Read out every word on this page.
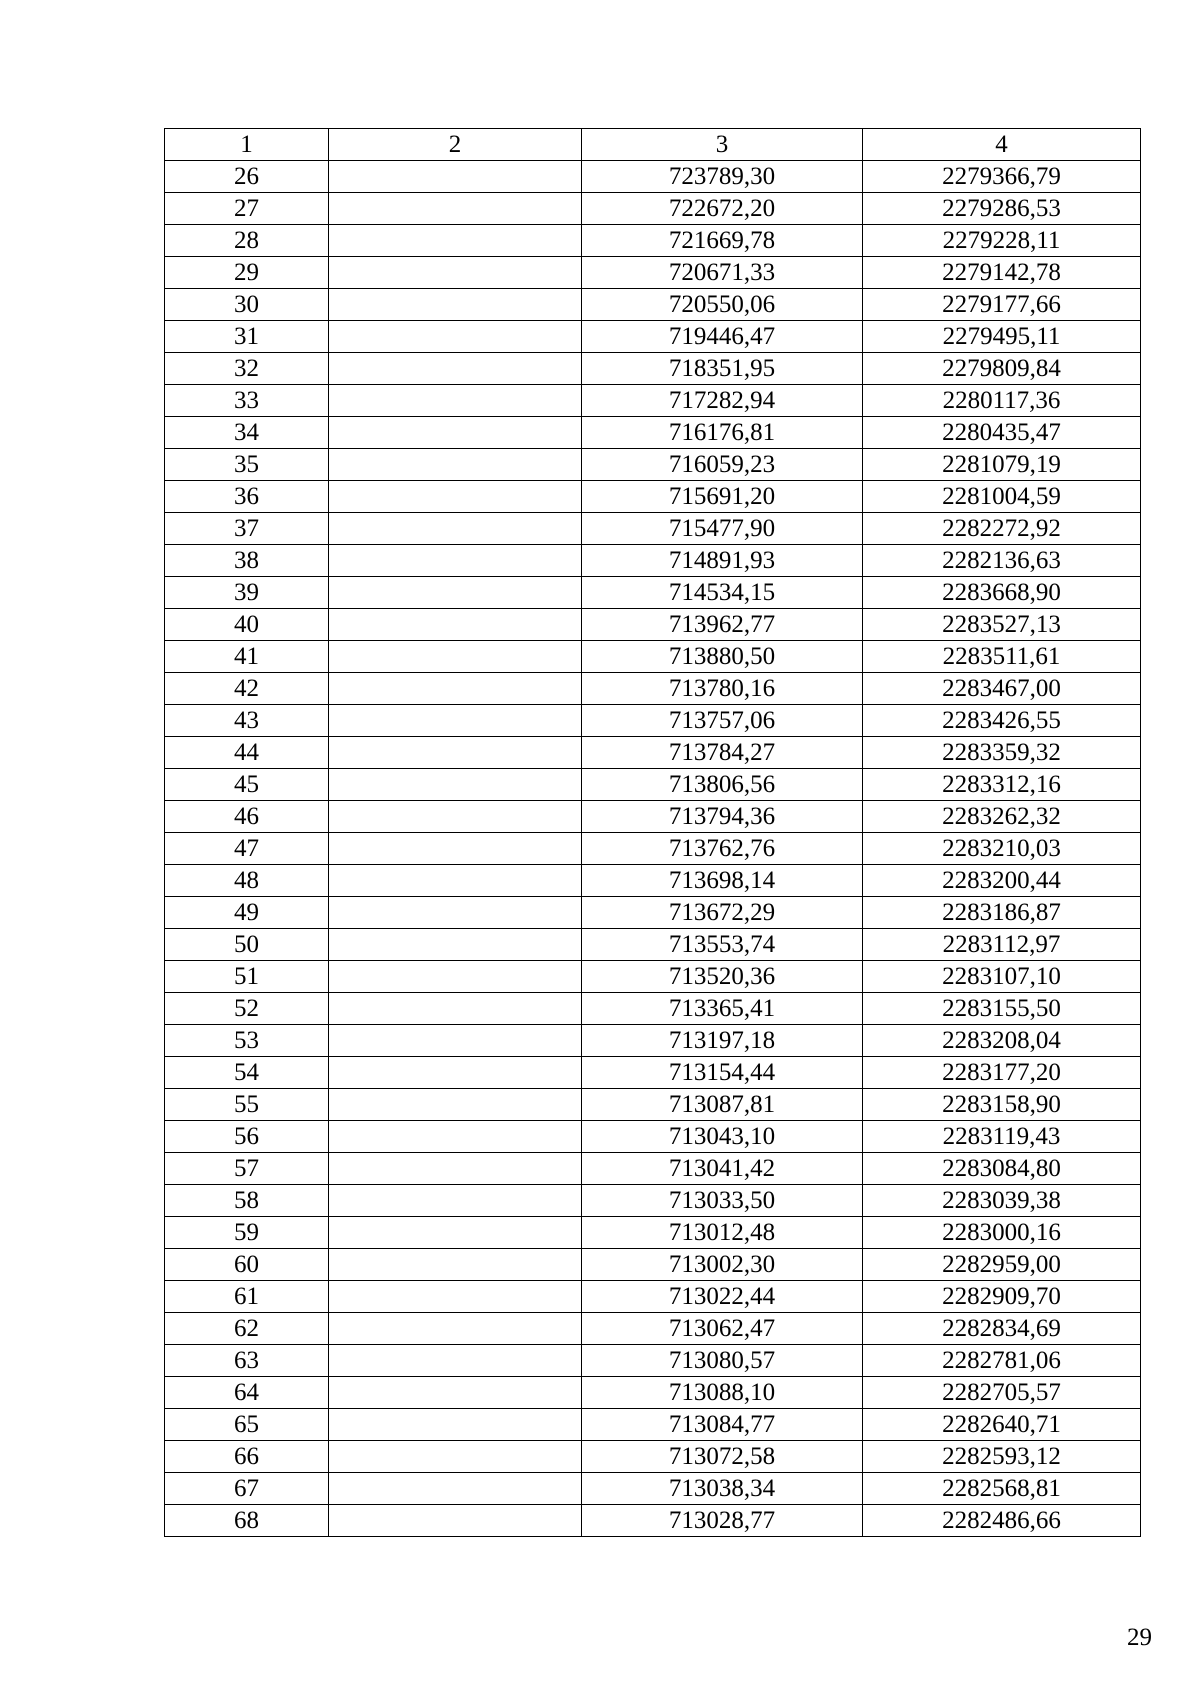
1	2	3	4
26		723789,30	2279366,79
27		722672,20	2279286,53
28		721669,78	2279228,11
29		720671,33	2279142,78
30		720550,06	2279177,66
31		719446,47	2279495,11
32		718351,95	2279809,84
33		717282,94	2280117,36
34		716176,81	2280435,47
35		716059,23	2281079,19
36		715691,20	2281004,59
37		715477,90	2282272,92
38		714891,93	2282136,63
39		714534,15	2283668,90
40		713962,77	2283527,13
41		713880,50	2283511,61
42		713780,16	2283467,00
43		713757,06	2283426,55
44		713784,27	2283359,32
45		713806,56	2283312,16
46		713794,36	2283262,32
47		713762,76	2283210,03
48		713698,14	2283200,44
49		713672,29	2283186,87
50		713553,74	2283112,97
51		713520,36	2283107,10
52		713365,41	2283155,50
53		713197,18	2283208,04
54		713154,44	2283177,20
55		713087,81	2283158,90
56		713043,10	2283119,43
57		713041,42	2283084,80
58		713033,50	2283039,38
59		713012,48	2283000,16
60		713002,30	2282959,00
61		713022,44	2282909,70
62		713062,47	2282834,69
63		713080,57	2282781,06
64		713088,10	2282705,57
65		713084,77	2282640,71
66		713072,58	2282593,12
67		713038,34	2282568,81
68		713028,77	2282486,66
29
